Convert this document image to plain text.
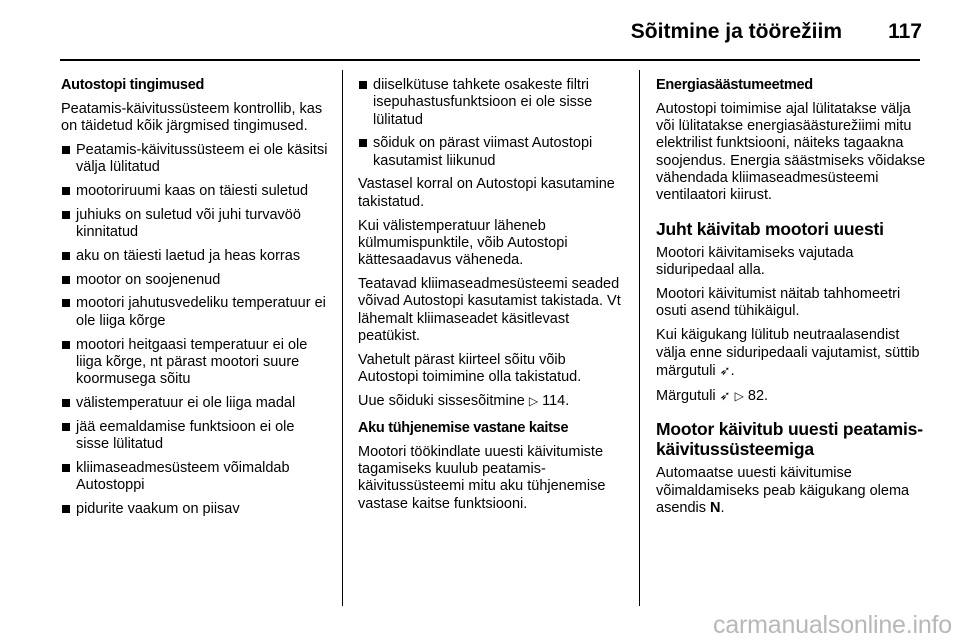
Sõitmine ja töörežiim 117

Autostopi tingimused

Peatamis-käivitussüsteem kontrollib, kas on täidetud kõik järgmised tingimused.

Peatamis-käivitussüsteem ei ole käsitsi välja lülitatud
mootoriruumi kaas on täiesti suletud
juhiuks on suletud või juhi turvavöö kinnitatud
aku on täiesti laetud ja heas korras
mootor on soojenenud
mootori jahutusvedeliku temperatuur ei ole liiga kõrge
mootori heitgaasi temperatuur ei ole liiga kõrge, nt pärast mootori suure koormusega sõitu
välistemperatuur ei ole liiga madal
jää eemaldamise funktsioon ei ole sisse lülitatud
kliimaseadmesüsteem võimaldab Autostoppi
pidurite vaakum on piisav
diiselkütuse tahkete osakeste filtri isepuhastusfunktsioon ei ole sisse lülitatud
sõiduk on pärast viimast Autostopi kasutamist liikunud

Vastasel korral on Autostopi kasutamine takistatud.

Kui välistemperatuur läheneb külmumispunktile, võib Autostopi kättesaadavus väheneda.

Teatavad kliimaseadmesüsteemi seaded võivad Autostopi kasutamist takistada. Vt lähemalt kliimaseadet käsitlevast peatükist.

Vahetult pärast kiirteel sõitu võib Autostopi toimimine olla takistatud.

Uue sõiduki sissesõitmine ▷ 114.

Aku tühjenemise vastane kaitse

Mootori töökindlate uuesti käivitumiste tagamiseks kuulub peatamis-käivitussüsteemi mitu aku tühjenemise vastase kaitse funktsiooni.

Energiasäästumeetmed

Autostopi toimimise ajal lülitatakse välja või lülitatakse energiasäästurežiimi mitu elektrilist funktsiooni, näiteks tagaakna soojendus. Energia säästmiseks võidakse vähendada kliimaseadmesüsteemi ventilaatori kiirust.

Juht käivitab mootori uuesti

Mootori käivitamiseks vajutada siduripedaal alla.

Mootori käivitumist näitab tahhomeetri osuti asend tühikäigul.

Kui käigukang lülitub neutraalasendist välja enne siduripedaali vajutamist, süttib märgutuli ➶.

Märgutuli ➶ ▷ 82.

Mootor käivitub uuesti peatamis-käivitussüsteemiga

Automaatse uuesti käivitumise võimaldamiseks peab käigukang olema asendis N.

carmanualsonline.info
